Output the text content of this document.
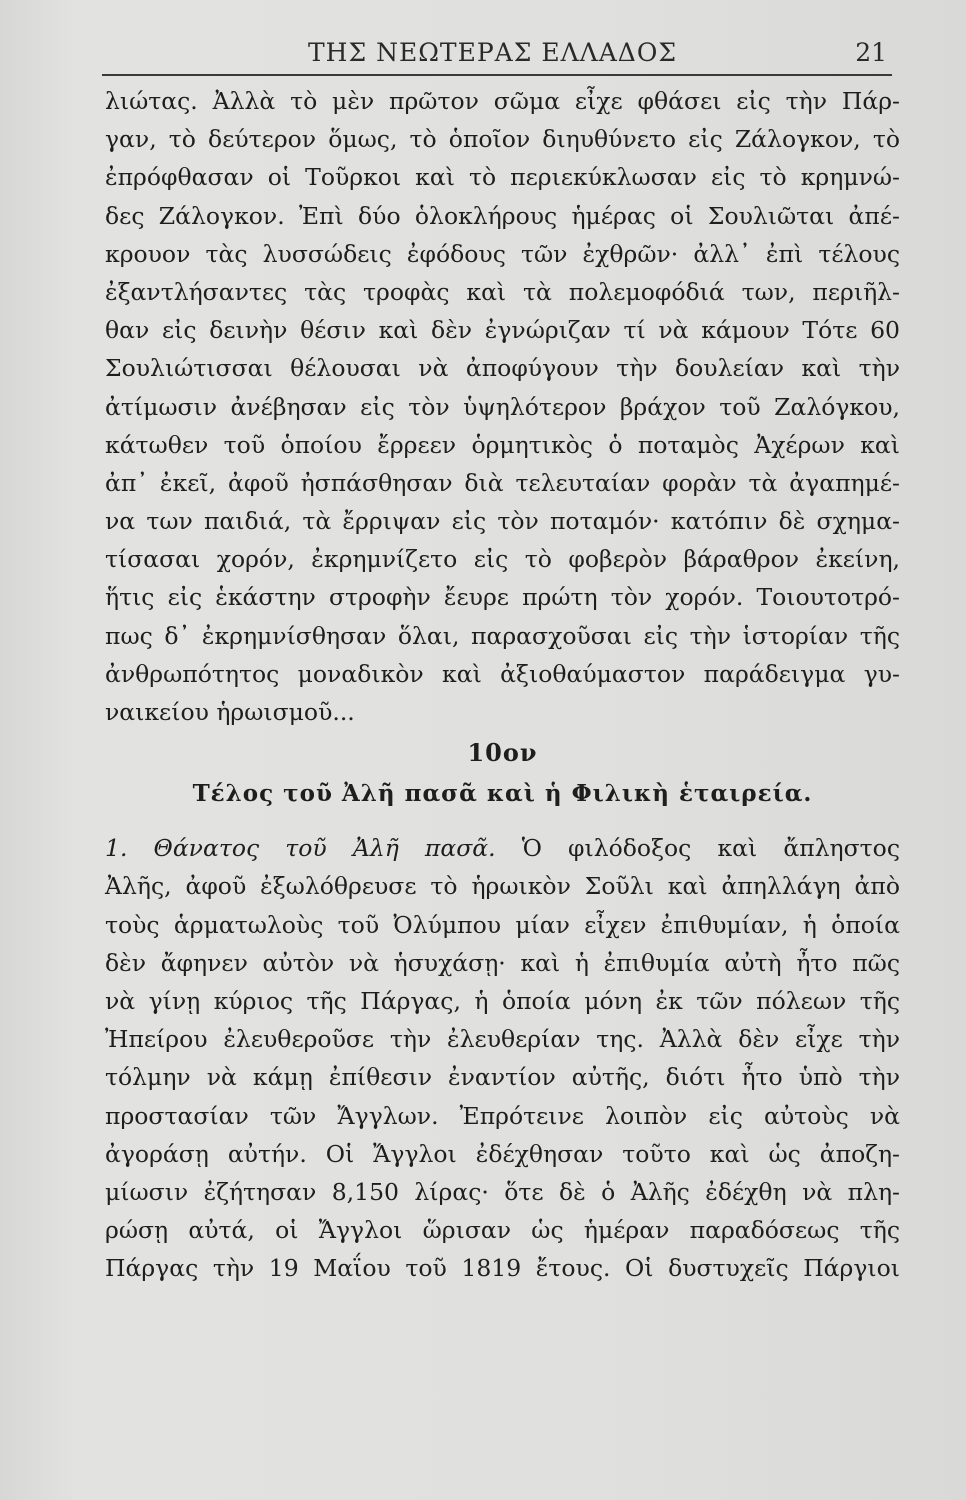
ΤΗΣ ΝΕΩΤΕΡΑΣ ΕΛΛΑΔΟΣ	21
λιώτας. Ἀλλὰ τὸ μὲν πρῶτον σῶμα εἶχε φθάσει εἰς τὴν Πάρ-
γαν, τὸ δεύτερον ὅμως, τὸ ὁποῖον διηυθύνετο εἰς Ζάλογκον, τὸ
ἐπρόφθασαν οἱ Τοῦρκοι καὶ τὸ περιεκύκλωσαν εἰς τὸ κρημνώ-
δες Ζάλογκον. Ἐπὶ δύο ὁλοκλήρους ἡμέρας οἱ Σουλιῶται ἀπέ-
κρουον τὰς λυσσώδεις ἐφόδους τῶν ἐχθρῶν· ἀλλ᾽ ἐπὶ τέλους
ἐξαντλήσαντες τὰς τροφὰς καὶ τὰ πολεμοφόδιά των, περιῆλ-
θαν εἰς δεινὴν θέσιν καὶ δὲν ἐγνώριζαν τί νὰ κάμουν Τότε 60
Σουλιώτισσαι θέλουσαι νὰ ἀποφύγουν τὴν δουλείαν καὶ τὴν
ἀτίμωσιν ἀνέβησαν εἰς τὸν ὑψηλότερον βράχον τοῦ Ζαλόγκου,
κάτωθεν τοῦ ὁποίου ἔρρεεν ὁρμητικὸς ὁ ποταμὸς Ἀχέρων καὶ
ἀπ᾽ ἐκεῖ, ἀφοῦ ἠσπάσθησαν διὰ τελευταίαν φορὰν τὰ ἀγαπημέ-
να των παιδιά, τὰ ἔρριψαν εἰς τὸν ποταμόν· κατόπιν δὲ σχημα-
τίσασαι χορόν, ἐκρημνίζετο εἰς τὸ φοβερὸν βάραθρον ἐκείνη,
ἥτις εἰς ἑκάστην στροφὴν ἔευρε πρώτη τὸν χορόν. Τοιουτοτρό-
πως δ᾽ ἐκρημνίσθησαν ὅλαι, παρασχοῦσαι εἰς τὴν ἱστορίαν τῆς
ἀνθρωπότητος μοναδικὸν καὶ ἀξιοθαύμαστον παράδειγμα γυ-
ναικείου ἡρωισμοῦ...
10ον
Τέλος τοῦ Ἀλῆ πασᾶ καὶ ἡ Φιλικὴ ἑταιρεία.
1. Θάνατος τοῦ Ἀλῆ πασᾶ. Ὁ φιλόδοξος καὶ ἄπληστος
Ἀλῆς, ἀφοῦ ἐξωλόθρευσε τὸ ἡρωικὸν Σοῦλι καὶ ἀπηλλάγη ἀπὸ
τοὺς ἁρματωλοὺς τοῦ Ὀλύμπου μίαν εἶχεν ἐπιθυμίαν, ἡ ὁποία
δὲν ἄφηνεν αὐτὸν νὰ ἡσυχάσῃ· καὶ ἡ ἐπιθυμία αὐτὴ ἦτο πῶς
νὰ γίνῃ κύριος τῆς Πάργας, ἡ ὁποία μόνη ἐκ τῶν πόλεων τῆς
Ἠπείρου ἐλευθεροῦσε τὴν ἐλευθερίαν της. Ἀλλὰ δὲν εἶχε τὴν
τόλμην νὰ κάμῃ ἐπίθεσιν ἐναντίον αὐτῆς, διότι ἦτο ὑπὸ τὴν
προστασίαν τῶν Ἄγγλων. Ἐπρότεινε λοιπὸν εἰς αὐτοὺς νὰ
ἀγοράσῃ αὐτήν. Οἱ Ἄγγλοι ἐδέχθησαν τοῦτο καὶ ὡς ἀποζη-
μίωσιν ἐζήτησαν 8,150 λίρας· ὅτε δὲ ὁ Ἀλῆς ἐδέχθη νὰ πλη-
ρώσῃ αὐτά, οἱ Ἄγγλοι ὥρισαν ὡς ἡμέραν παραδόσεως τῆς
Πάργας τὴν 19 Μαΐου τοῦ 1819 ἔτους. Οἱ δυστυχεῖς Πάργιοι
